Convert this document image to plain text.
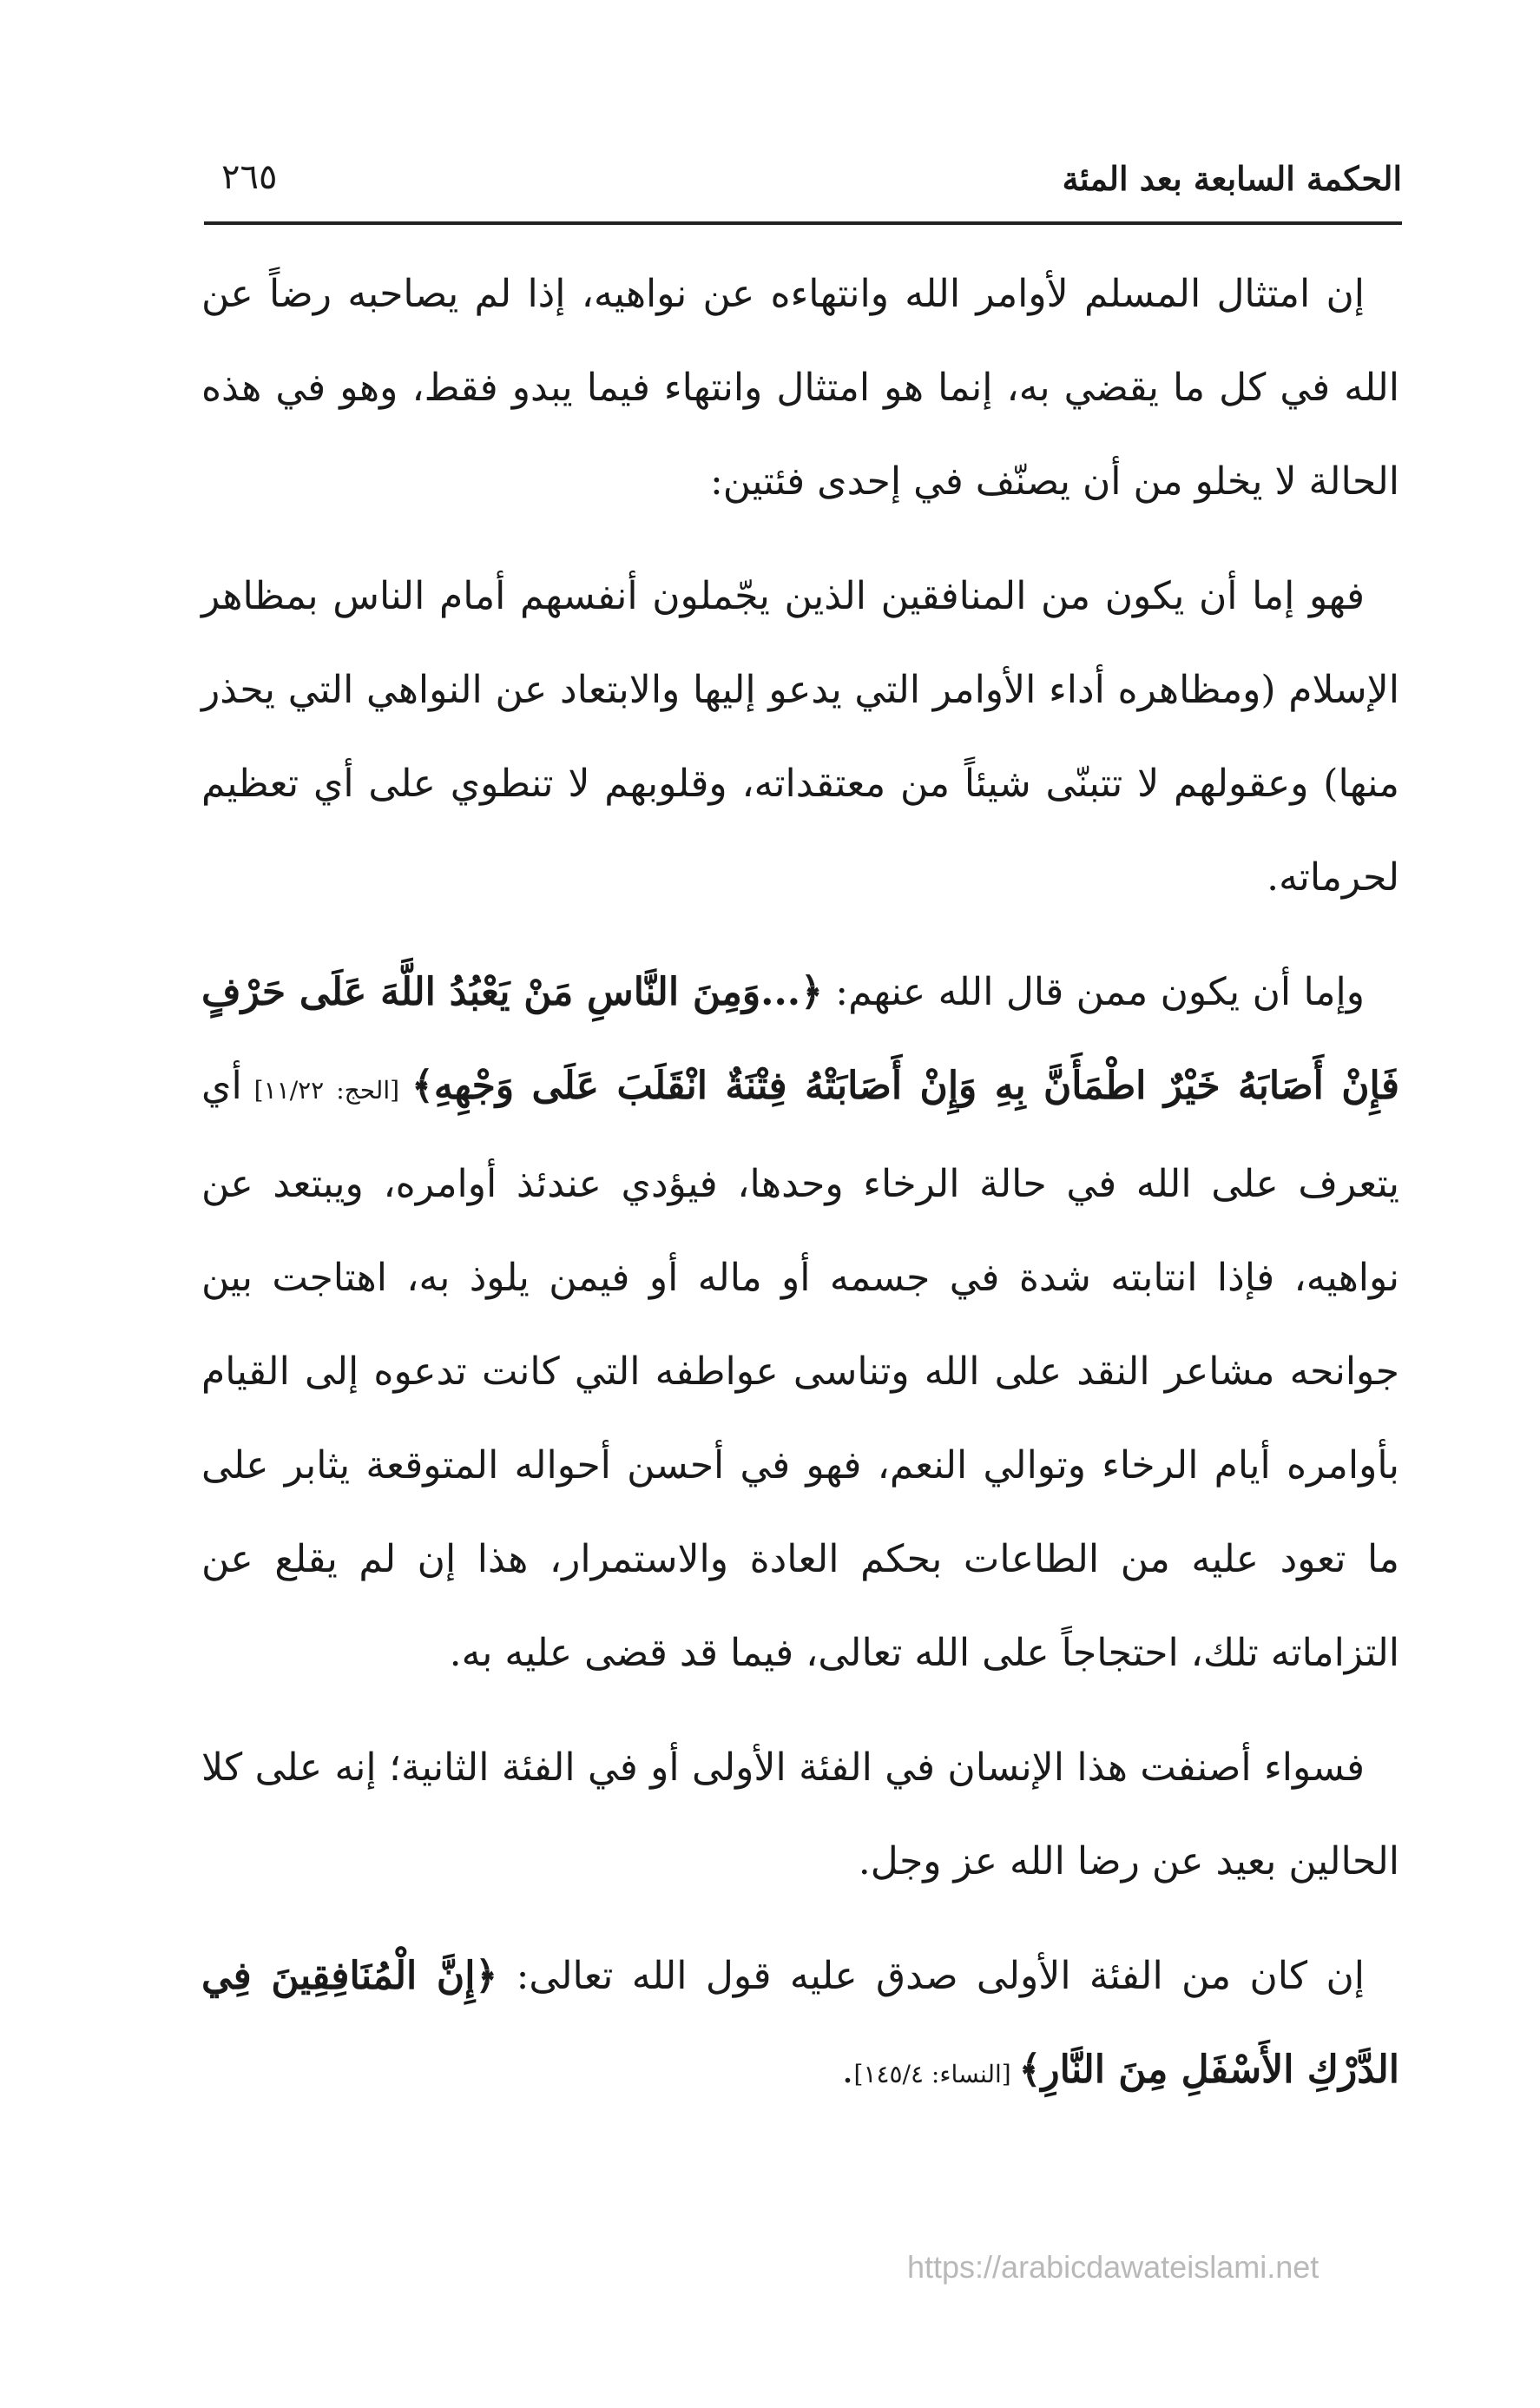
الحكمة السابعة بعد المئة
٢٦٥

إن امتثال المسلم لأوامر الله وانتهاءه عن نواهيه، إذا لم يصاحبه رضاً عن الله في كل ما يقضي به، إنما هو امتثال وانتهاء فيما يبدو فقط، وهو في هذه الحالة لا يخلو من أن يصنّف في إحدى فئتين:

فهو إما أن يكون من المنافقين الذين يجّملون أنفسهم أمام الناس بمظاهر الإسلام (ومظاهره أداء الأوامر التي يدعو إليها والابتعاد عن النواهي التي يحذر منها) وعقولهم لا تتبنّى شيئاً من معتقداته، وقلوبهم لا تنطوي على أي تعظيم لحرماته.

وإما أن يكون ممن قال الله عنهم: ﴿...وَمِنَ النَّاسِ مَنْ يَعْبُدُ اللَّهَ عَلَى حَرْفٍ فَإِنْ أَصَابَهُ خَيْرٌ اطْمَأَنَّ بِهِ وَإِنْ أَصَابَتْهُ فِتْنَةٌ انْقَلَبَ عَلَى وَجْهِهِ﴾ [الحج: ١١/٢٢] أي يتعرف على الله في حالة الرخاء وحدها، فيؤدي عندئذ أوامره، ويبتعد عن نواهيه، فإذا انتابته شدة في جسمه أو ماله أو فيمن يلوذ به، اهتاجت بين جوانحه مشاعر النقد على الله وتناسى عواطفه التي كانت تدعوه إلى القيام بأوامره أيام الرخاء وتوالي النعم، فهو في أحسن أحواله المتوقعة يثابر على ما تعود عليه من الطاعات بحكم العادة والاستمرار، هذا إن لم يقلع عن التزاماته تلك، احتجاجاً على الله تعالى، فيما قد قضى عليه به.

فسواء أصنفت هذا الإنسان في الفئة الأولى أو في الفئة الثانية؛ إنه على كلا الحالين بعيد عن رضا الله عز وجل.

إن كان من الفئة الأولى صدق عليه قول الله تعالى: ﴿إِنَّ الْمُنَافِقِينَ فِي الدَّرْكِ الأَسْفَلِ مِنَ النَّارِ﴾ [النساء: ١٤٥/٤].

https://arabicdawateislami.net
